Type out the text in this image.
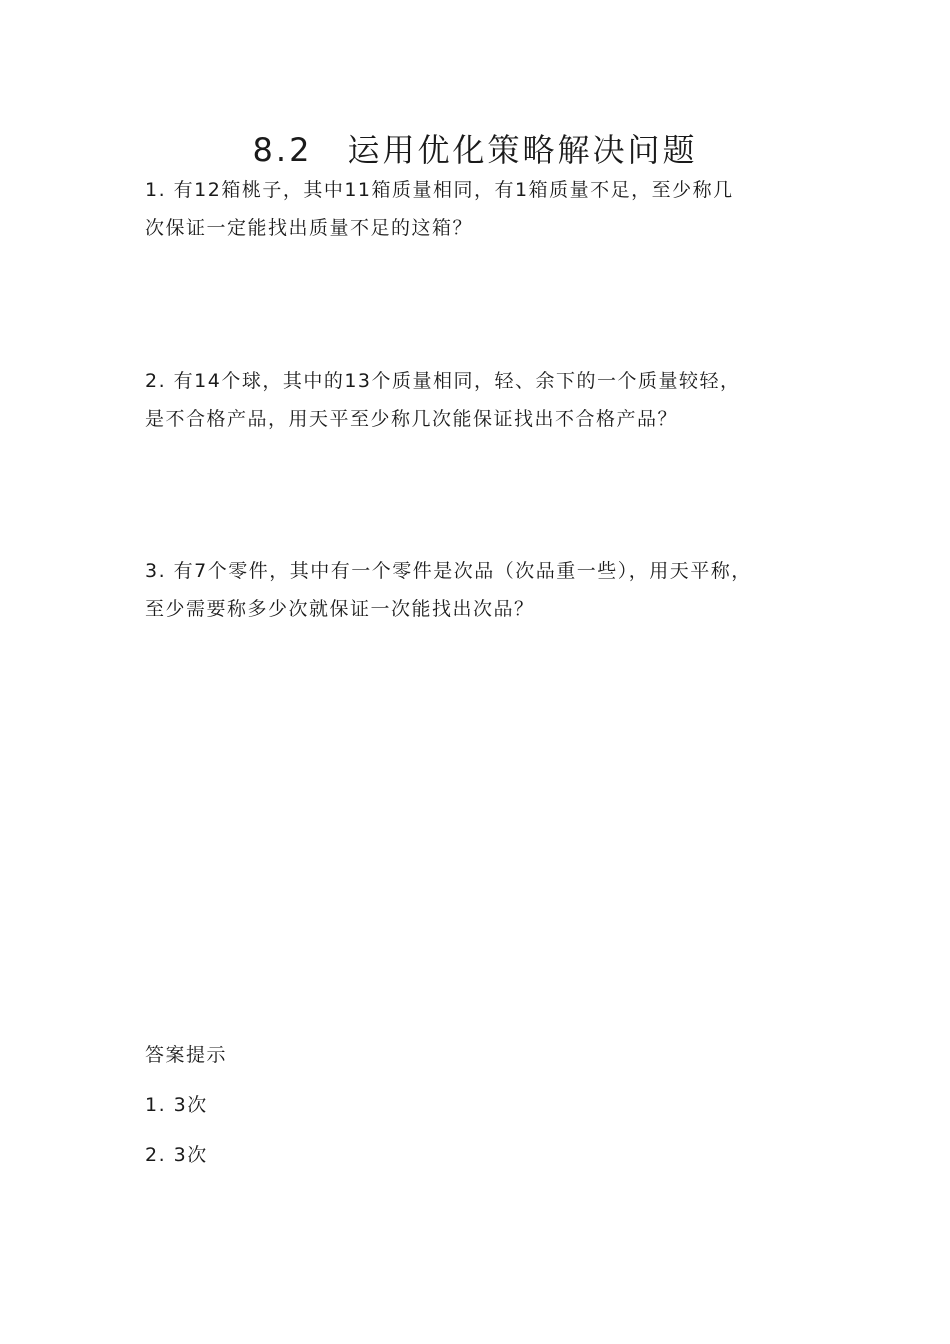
8.2　运用优化策略解决问题
1. 有12箱桃子，其中11箱质量相同，有1箱质量不足，至少称几
次保证一定能找出质量不足的这箱？
2. 有14个球，其中的13个质量相同，轻、余下的一个质量较轻，
是不合格产品，用天平至少称几次能保证找出不合格产品？
3. 有7个零件，其中有一个零件是次品（次品重一些），用天平称，
至少需要称多少次就保证一次能找出次品？
答案提示
1. 3次
2. 3次
